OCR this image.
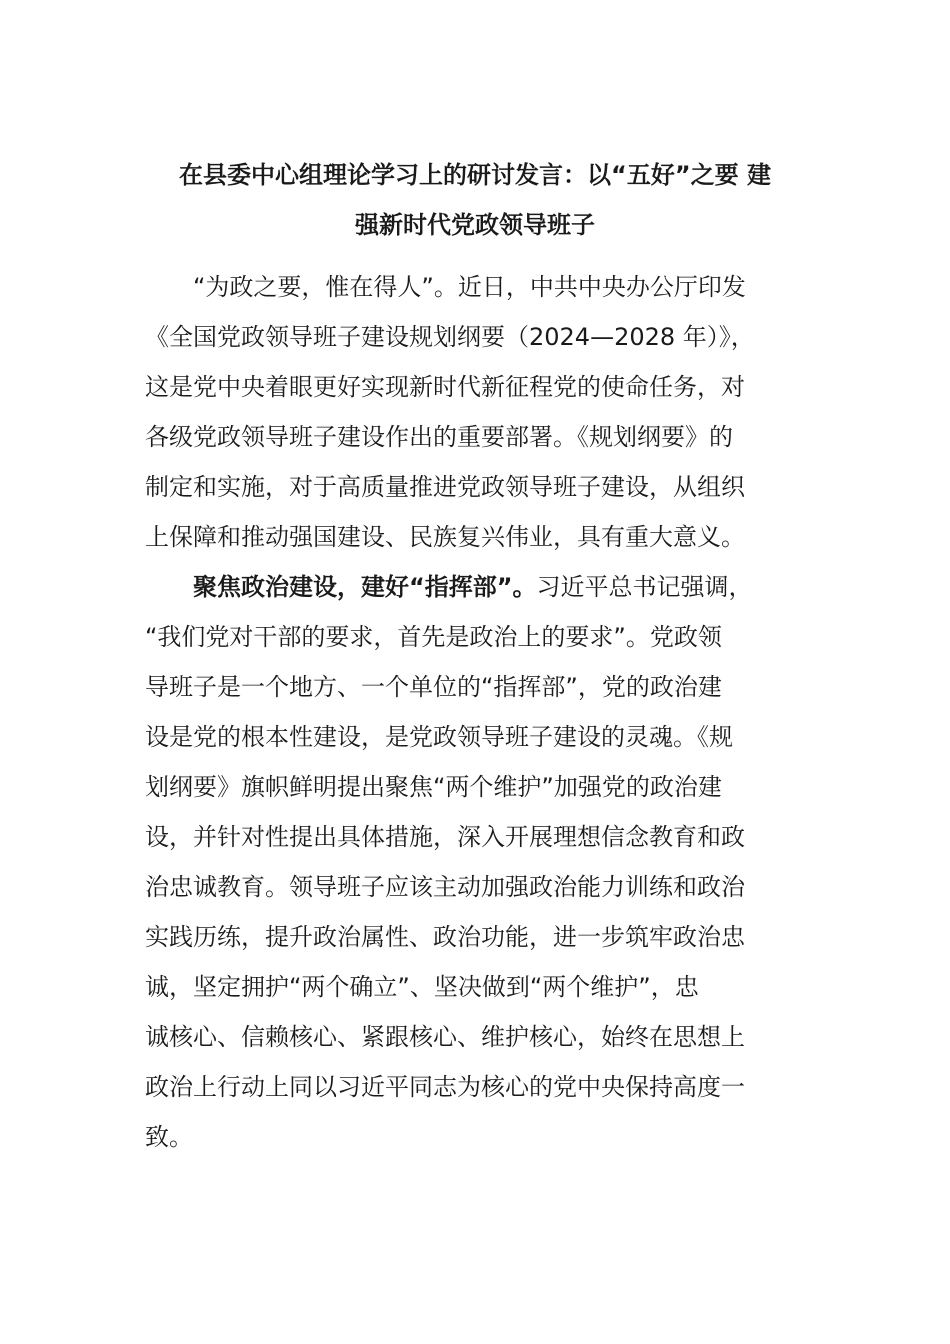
在县委中心组理论学习上的研讨发言：以“五好”之要 建
强新时代党政领导班子
“为政之要，惟在得人”。近日，中共中央办公厅印发
《全国党政领导班子建设规划纲要（2024—2028 年）》，
这是党中央着眼更好实现新时代新征程党的使命任务，对
各级党政领导班子建设作出的重要部署。《规划纲要》的
制定和实施，对于高质量推进党政领导班子建设，从组织
上保障和推动强国建设、民族复兴伟业，具有重大意义。
聚焦政治建设，建好“指挥部”。习近平总书记强调，
“我们党对干部的要求，首先是政治上的要求”。党政领
导班子是一个地方、一个单位的“指挥部”，党的政治建
设是党的根本性建设，是党政领导班子建设的灵魂。《规
划纲要》旗帜鲜明提出聚焦“两个维护”加强党的政治建
设，并针对性提出具体措施，深入开展理想信念教育和政
治忠诚教育。领导班子应该主动加强政治能力训练和政治
实践历练，提升政治属性、政治功能，进一步筑牢政治忠
诚，坚定拥护“两个确立”、坚决做到“两个维护”，忠
诚核心、信赖核心、紧跟核心、维护核心，始终在思想上
政治上行动上同以习近平同志为核心的党中央保持高度一
致。
